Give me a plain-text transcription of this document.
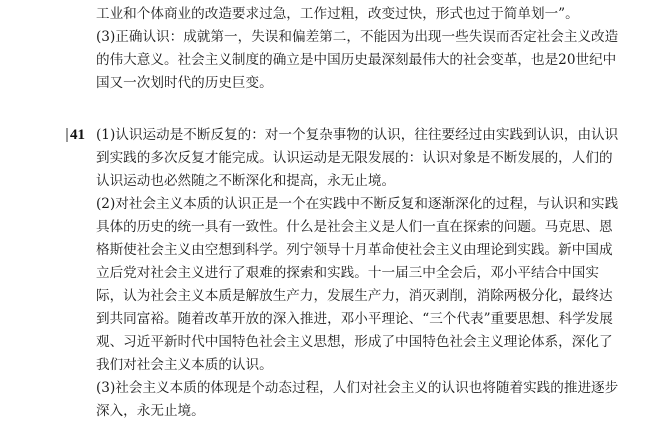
工业和个体商业的改造要求过急，工作过粗，改变过快，形式也过于简单划一”。
(3)正确认识：成就第一，失误和偏差第二，不能因为出现一些失误而否定社会主义改造
的伟大意义。社会主义制度的确立是中国历史最深刻最伟大的社会变革，也是20世纪中
国又一次划时代的历史巨变。
41 (1)认识运动是不断反复的：对一个复杂事物的认识，往往要经过由实践到认识，由认识
到实践的多次反复才能完成。认识运动是无限发展的：认识对象是不断发展的，人们的
认识运动也必然随之不断深化和提高，永无止境。
(2)对社会主义本质的认识正是一个在实践中不断反复和逐渐深化的过程，与认识和实践
具体的历史的统一具有一致性。什么是社会主义是人们一直在探索的问题。马克思、恩
格斯使社会主义由空想到科学。列宁领导十月革命使社会主义由理论到实践。新中国成
立后党对社会主义进行了艰难的探索和实践。十一届三中全会后，邓小平结合中国实
际，认为社会主义本质是解放生产力，发展生产力，消灭剥削，消除两极分化，最终达
到共同富裕。随着改革开放的深入推进，邓小平理论、“三个代表”重要思想、科学发展
观、习近平新时代中国特色社会主义思想，形成了中国特色社会主义理论体系，深化了
我们对社会主义本质的认识。
(3)社会主义本质的体现是个动态过程，人们对社会主义的认识也将随着实践的推进逐步
深入，永无止境。
